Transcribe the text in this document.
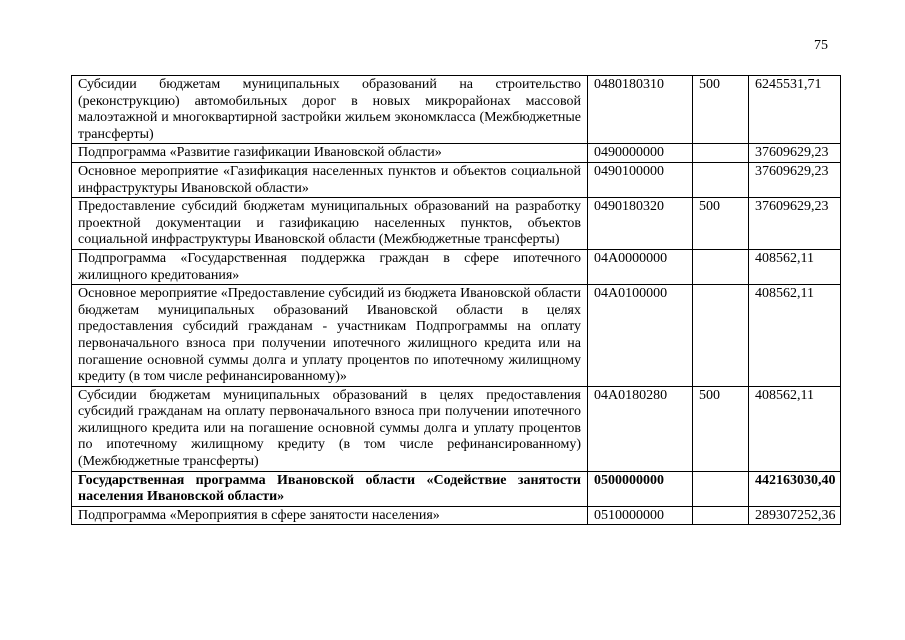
75
Субсидии бюджетам муниципальных образований на строительство (реконструкцию) автомобильных дорог в новых микрорайонах массовой малоэтажной и многоквартирной застройки жильем экономкласса (Межбюджетные трансферты)	0480180310	500	6245531,71
Подпрограмма «Развитие газификации Ивановской области»	0490000000		37609629,23
Основное мероприятие «Газификация населенных пунктов и объектов социальной инфраструктуры Ивановской области»	0490100000		37609629,23
Предоставление субсидий бюджетам муниципальных образований на разработку проектной документации и газификацию населенных пунктов, объектов социальной инфраструктуры Ивановской области (Межбюджетные трансферты)	0490180320	500	37609629,23
Подпрограмма «Государственная поддержка граждан в сфере ипотечного жилищного кредитования»	04А0000000		408562,11
Основное мероприятие «Предоставление субсидий из бюджета Ивановской области бюджетам муниципальных образований Ивановской области в целях предоставления субсидий гражданам - участникам Подпрограммы на оплату первоначального взноса при получении ипотечного жилищного кредита или на погашение основной суммы долга и уплату процентов по ипотечному жилищному кредиту (в том числе рефинансированному)»	04А0100000		408562,11
Субсидии бюджетам муниципальных образований в целях предоставления субсидий гражданам на оплату первоначального взноса при получении ипотечного жилищного кредита или на погашение основной суммы долга и уплату процентов по ипотечному жилищному кредиту (в том числе рефинансированному) (Межбюджетные трансферты)	04А0180280	500	408562,11
Государственная программа Ивановской области «Содействие занятости населения Ивановской области»	0500000000		442163030,40
Подпрограмма «Мероприятия в сфере занятости населения»	0510000000		289307252,36
